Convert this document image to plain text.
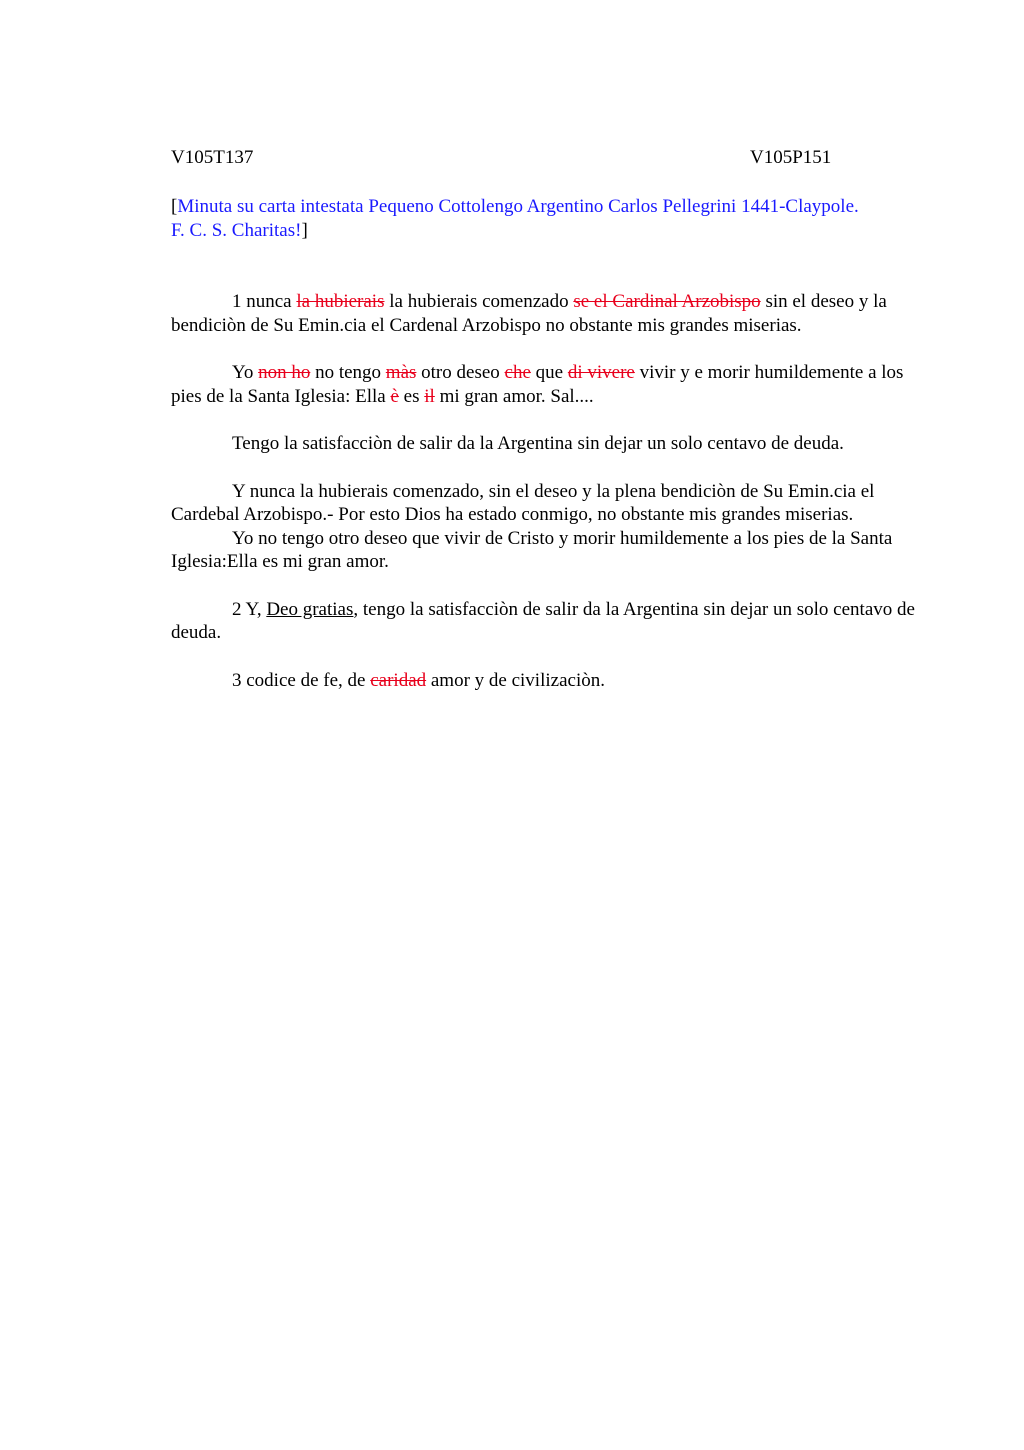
V105T137	V105P151
[Minuta su carta intestata Pequeno Cottolengo Argentino Carlos Pellegrini 1441-Claypole.
F. C. S. Charitas!]

1 nunca la hubierais la hubierais comenzado se el Cardinal Arzobispo sin el deseo y la bendiciòn de Su Emin.cia el Cardenal Arzobispo no obstante mis grandes miserias.

Yo non ho no tengo màs otro deseo che que di vivere vivir y e morir humildemente a los pies de la Santa Iglesia: Ella è es il mi gran amor. Sal....

Tengo la satisfacciòn de salir da la Argentina sin dejar un solo centavo de deuda.

Y nunca la hubierais comenzado, sin el deseo y la plena bendiciòn de Su Emin.cia el Cardebal Arzobispo.- Por esto Dios ha estado conmigo, no obstante mis grandes miserias.

Yo no tengo otro deseo que vivir de Cristo y morir humildemente a los pies de la Santa Iglesia:Ella es mi gran amor.

2 Y, Deo gratias, tengo la satisfacciòn de salir da la Argentina sin dejar un solo centavo de deuda.

3 codice de fe, de caridad amor y de civilizaciòn.
